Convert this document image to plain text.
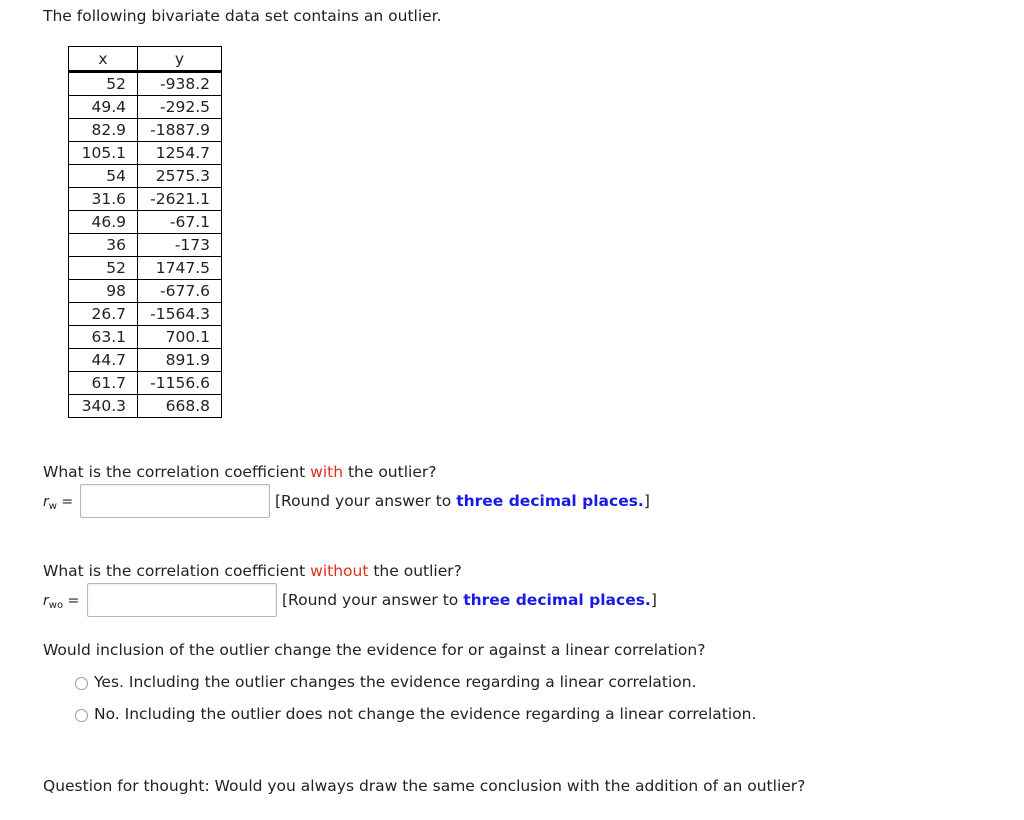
The following bivariate data set contains an outlier.
x	y
52	-938.2
49.4	-292.5
82.9	-1887.9
105.1	1254.7
54	2575.3
31.6	-2621.1
46.9	-67.1
36	-173
52	1747.5
98	-677.6
26.7	-1564.3
63.1	700.1
44.7	891.9
61.7	-1156.6
340.3	668.8
What is the correlation coefficient with the outlier?
$r_w$ =	[Round your answer to three decimal places.]
What is the correlation coefficient without the outlier?
$r_{wo}$ =	[Round your answer to three decimal places.]
Would inclusion of the outlier change the evidence for or against a linear correlation?
Yes. Including the outlier changes the evidence regarding a linear correlation.
No. Including the outlier does not change the evidence regarding a linear correlation.
Question for thought: Would you always draw the same conclusion with the addition of an outlier?
